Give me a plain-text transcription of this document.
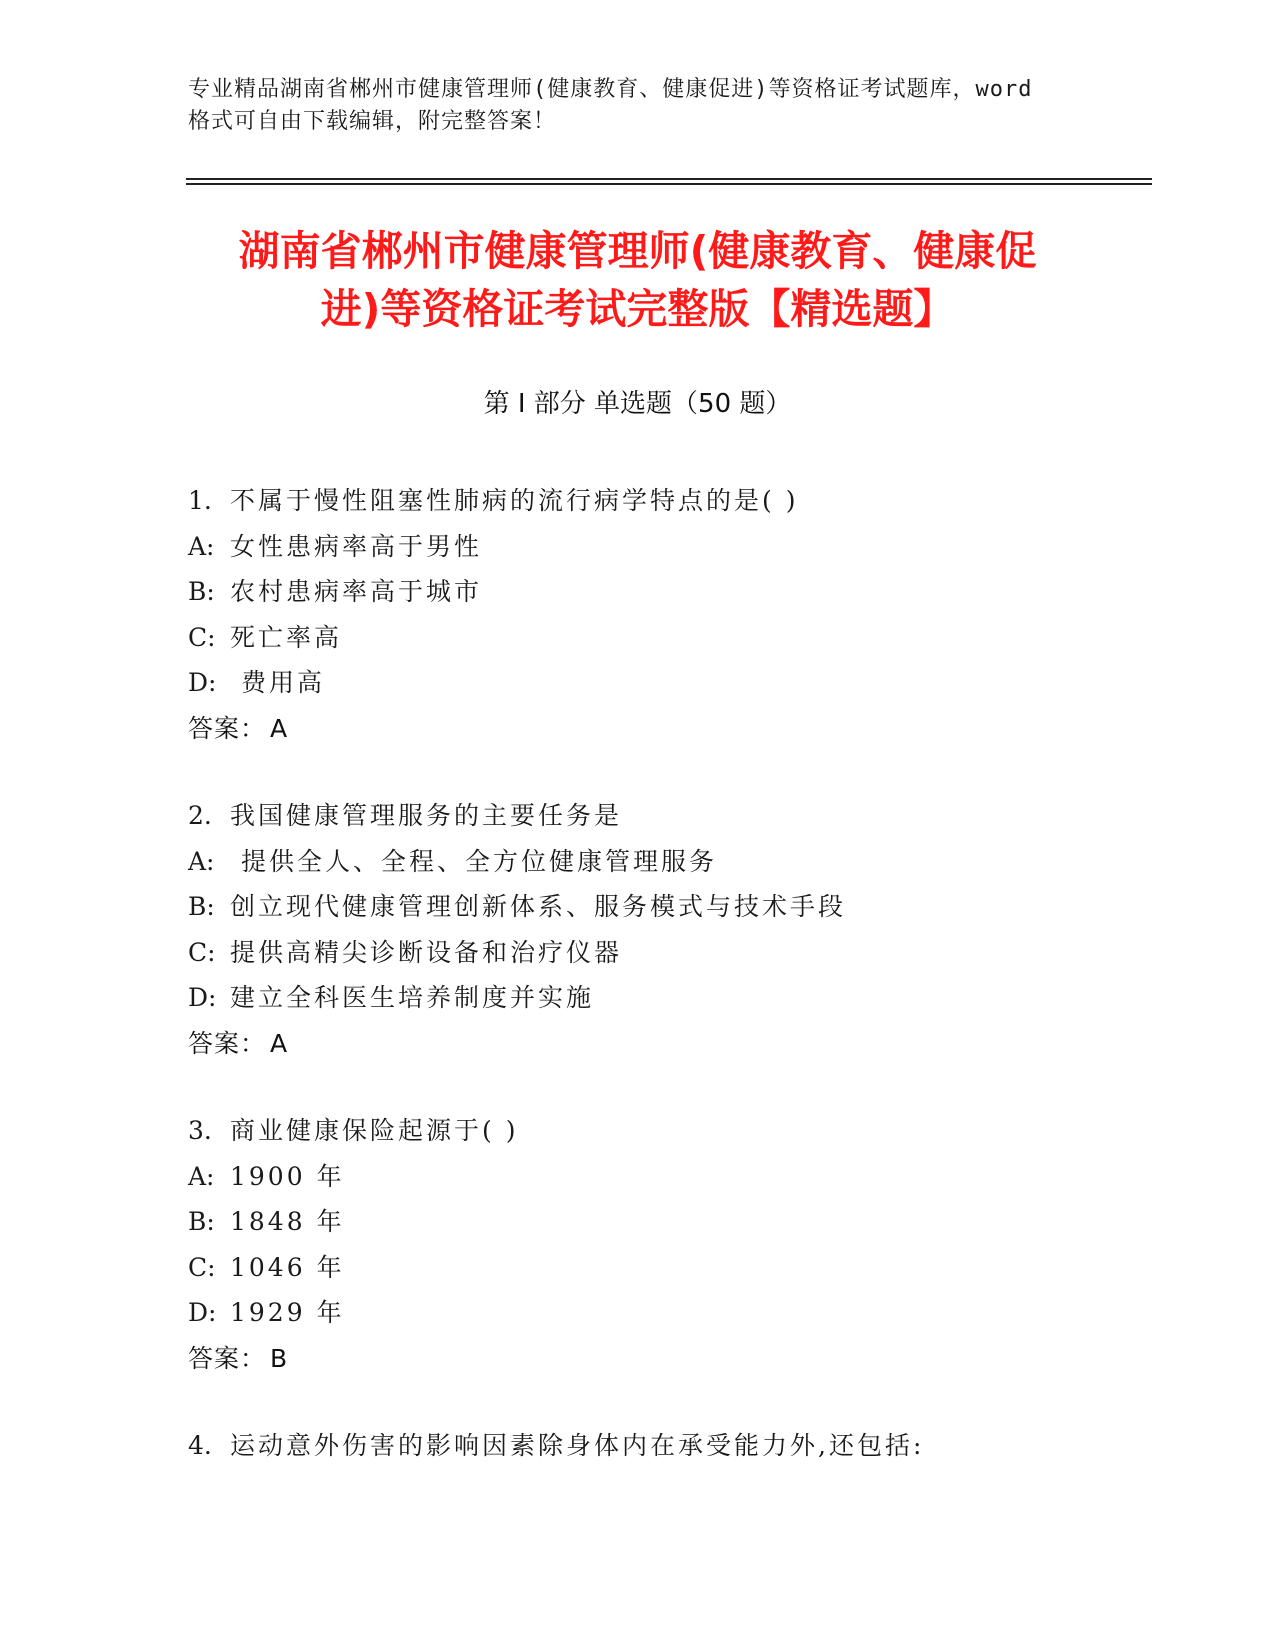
专业精品湖南省郴州市健康管理师(健康教育、健康促进)等资格证考试题库，word
格式可自由下载编辑，附完整答案！
湖南省郴州市健康管理师(健康教育、健康促
进)等资格证考试完整版【精选题】
第 I 部分 单选题（50 题）
1. 不属于慢性阻塞性肺病的流行病学特点的是( )
A: 女性患病率高于男性
B: 农村患病率高于城市
C: 死亡率高
D: 费用高
答案： A
2. 我国健康管理服务的主要任务是
A: 提供全人、全程、全方位健康管理服务
B: 创立现代健康管理创新体系、服务模式与技术手段
C: 提供高精尖诊断设备和治疗仪器
D: 建立全科医生培养制度并实施
答案： A
3. 商业健康保险起源于( )
A: 1900 年
B: 1848 年
C: 1046 年
D: 1929 年
答案： B
4. 运动意外伤害的影响因素除身体内在承受能力外,还包括:
